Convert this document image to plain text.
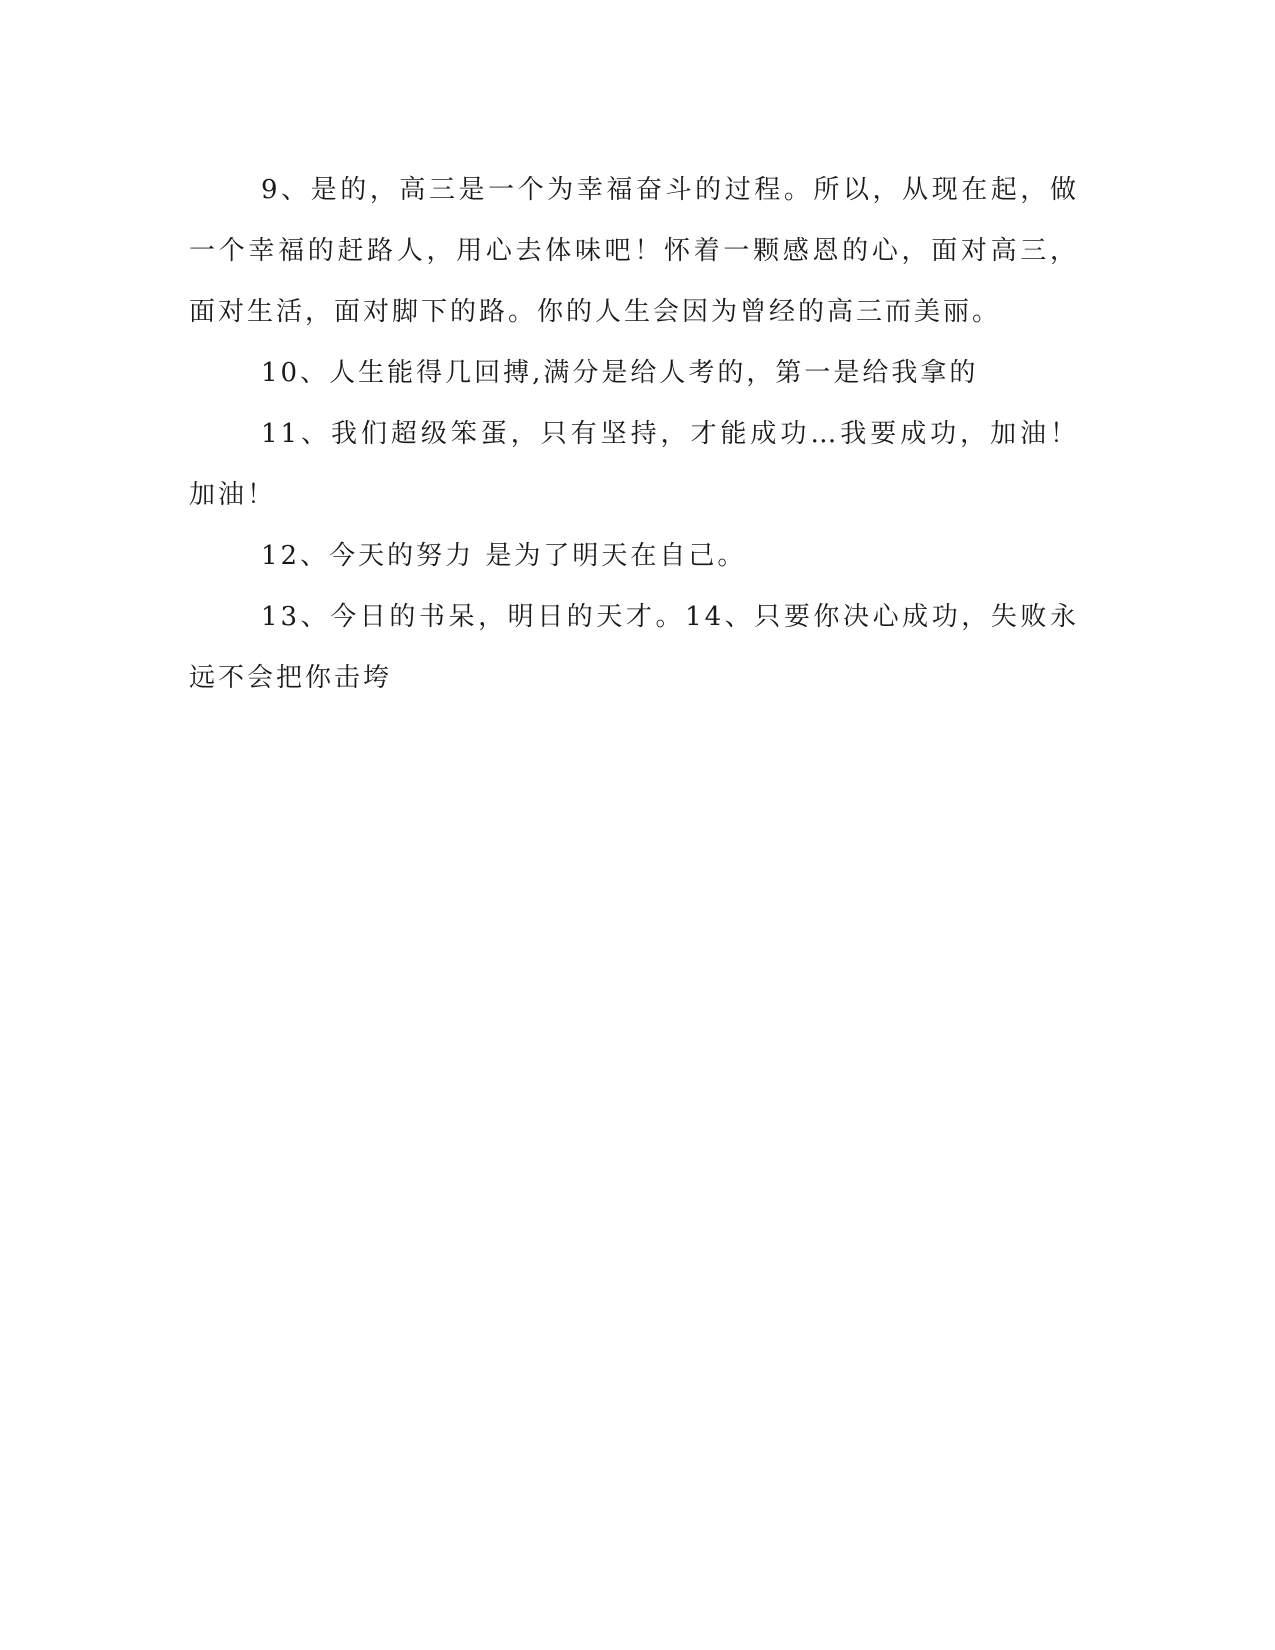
9、是的，高三是一个为幸福奋斗的过程。所以，从现在起，做一个幸福的赶路人，用心去体味吧！怀着一颗感恩的心，面对高三，面对生活，面对脚下的路。你的人生会因为曾经的高三而美丽。

10、人生能得几回搏,满分是给人考的，第一是给我拿的

11、我们超级笨蛋，只有坚持，才能成功…我要成功，加油！加油！

12、今天的努力 是为了明天在自己。

13、今日的书呆，明日的天才。14、只要你决心成功，失败永远不会把你击垮
